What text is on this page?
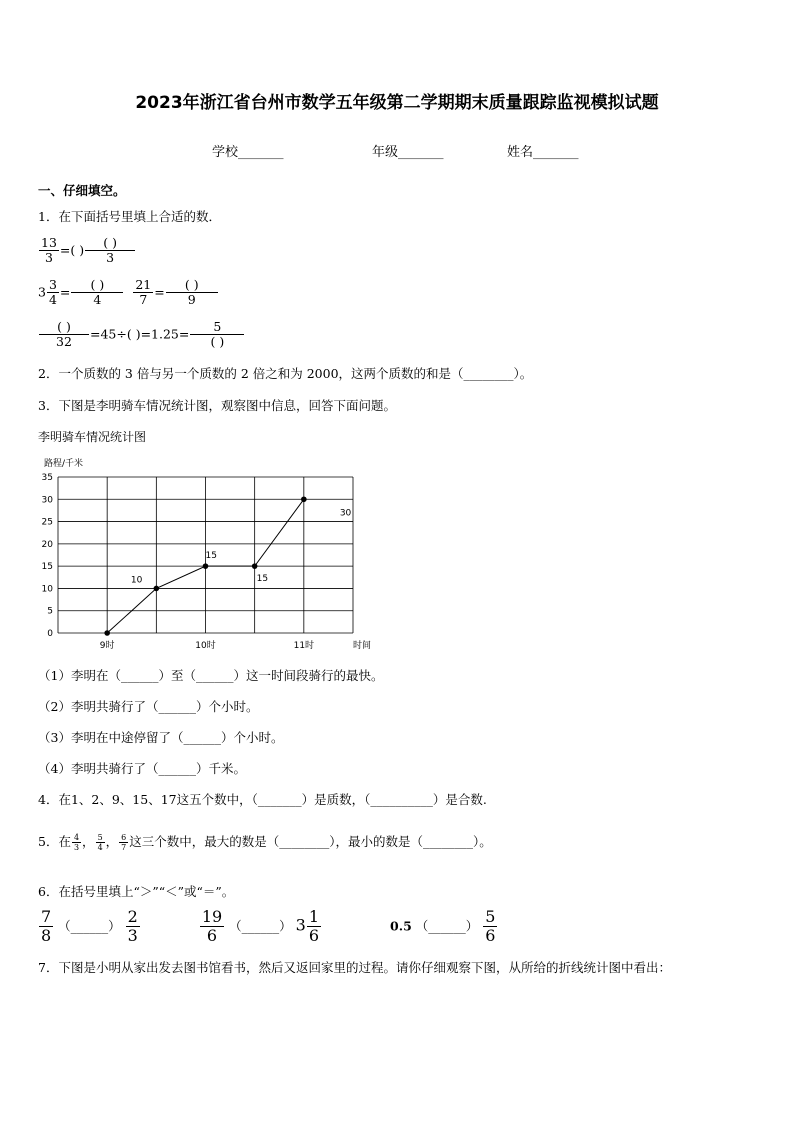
2023年浙江省台州市数学五年级第二学期期末质量跟踪监视模拟试题
学校_______	年级_______	姓名_______
一、仔细填空。
1．在下面括号里填上合适的数．
$\frac{13}{3}$ =( ) $\frac{( )}{3}$
$3 \frac{3}{4} = \frac{( )}{4}$
$\frac{21}{7} = \frac{( )}{9}$
$\frac{( )}{32} =45\div$( )$=1.25= \frac{5}{( )}$
2．一个质数的 3 倍与另一个质数的 2 倍之和为 2000，这两个质数的和是（________）。
3．下图是李明骑车情况统计图，观察图中信息，回答下面问题。
李明骑车情况统计图
0
5
10
15
20
25
30
35
9时	10时	11时
10
15
15
30
路程/千米
时间
（1）李明在（______）至（______）这一时间段骑行的最快。
（2）李明共骑行了（______）个小时。
（3）李明在中途停留了（______）个小时。
（4）李明共骑行了（______）千米。
4．在1、2、9、15、17这五个数中，（_______）是质数，（__________）是合数.
5．在 $\frac{4}{3}$ ， $\frac{5}{4}$ ， $\frac{6}{7}$ 这三个数中，最大的数是（________），最小的数是（________）。
6．在括号里填上“＞”“＜”或“＝”。
$\frac{7}{8}$ （______） $\frac{2}{3}$
	$\frac{19}{6}$ （______） $3 \frac{1}{6}$	0.5 （______） $\frac{5}{6}$
7．下图是小明从家出发去图书馆看书，然后又返回家里的过程。请你仔细观察下图，从所给的折线统计图中看出：
